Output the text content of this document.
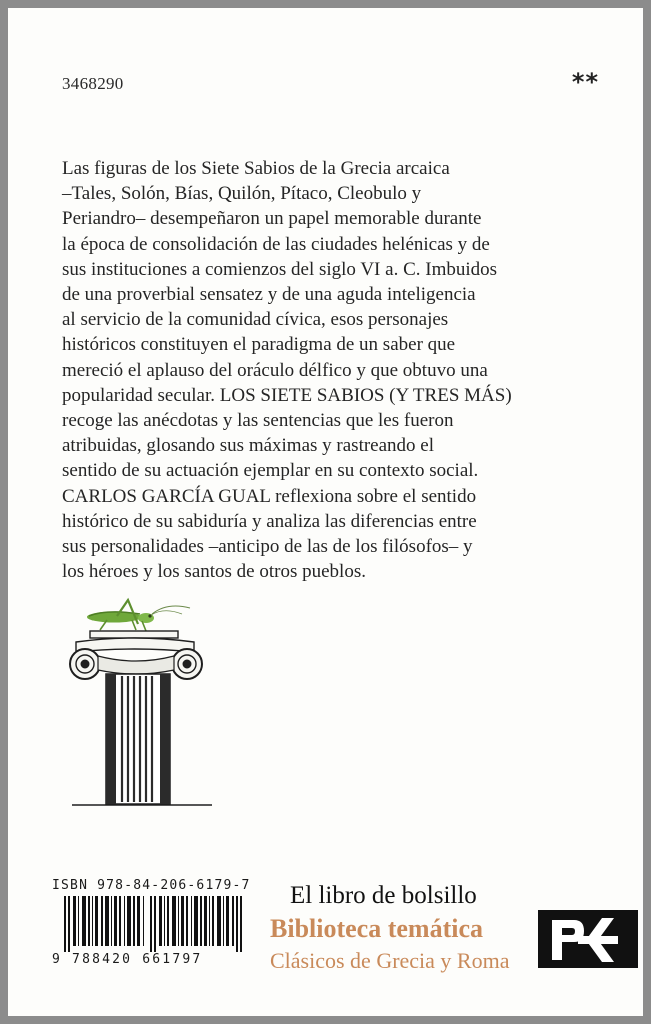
3468290	**
Las figuras de los Siete Sabios de la Grecia arcaica
–Tales, Solón, Bías, Quilón, Pítaco, Cleobulo y
Periandro– desempeñaron un papel memorable durante
la época de consolidación de las ciudades helénicas y de
sus instituciones a comienzos del siglo VI a. C. Imbuidos
de una proverbial sensatez y de una aguda inteligencia
al servicio de la comunidad cívica, esos personajes
históricos constituyen el paradigma de un saber que
mereció el aplauso del oráculo délfico y que obtuvo una
popularidad secular. LOS SIETE SABIOS (Y TRES MÁS)
recoge las anécdotas y las sentencias que les fueron
atribuidas, glosando sus máximas y rastreando el
sentido de su actuación ejemplar en su contexto social.
CARLOS GARCÍA GUAL reflexiona sobre el sentido
histórico de su sabiduría y analiza las diferencias entre
sus personalidades –anticipo de las de los filósofos– y
los héroes y los santos de otros pueblos.
ISBN 978-84-206-6179-7
9 788420 661797
El libro de bolsillo
Biblioteca temática
Clásicos de Grecia y Roma
